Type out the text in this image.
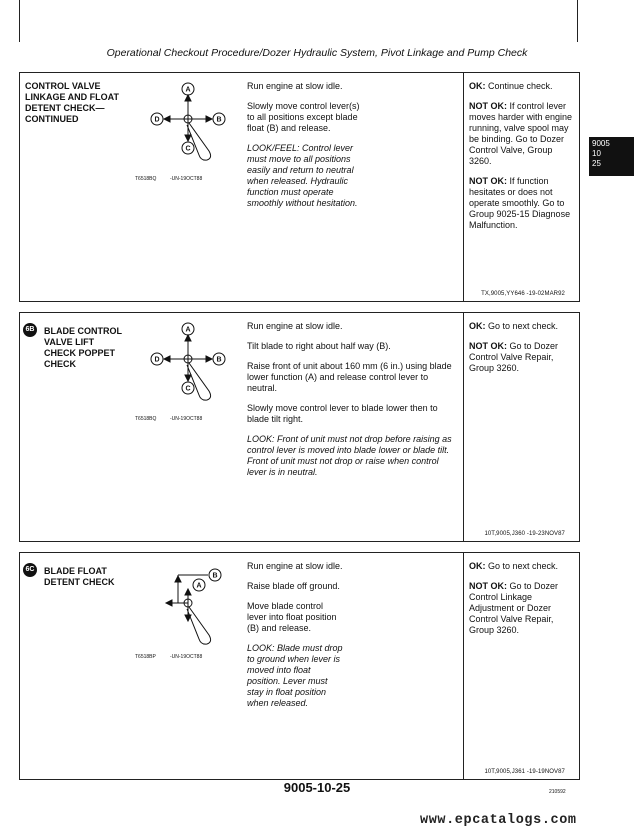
Operational Checkout Procedure/Dozer Hydraulic System, Pivot Linkage and Pump Check
9005
10
25
CONTROL VALVE LINKAGE AND FLOAT DETENT CHECK—CONTINUED
A
D	B
C
T6518BQ	-UN-19OCT88

Run engine at slow idle.

Slowly move control lever(s) to all positions except blade float (B) and release.

LOOK/FEEL: Control lever must move to all positions easily and return to neutral when released. Hydraulic function must operate smoothly without hesitation.

OK: Continue check.

NOT OK: If control lever moves harder with engine running, valve spool may be binding. Go to Dozer Control Valve, Group 3260.

NOT OK: If function hesitates or does not operate smoothly. Go to Group 9025-15 Diagnose Malfunction.

TX,9005,YY646 -19-02MAR92
6B BLADE CONTROL VALVE LIFT CHECK POPPET CHECK
A
D	B
C
T6518BQ	-UN-19OCT88

Run engine at slow idle.

Tilt blade to right about half way (B).

Raise front of unit about 160 mm (6 in.) using blade lower function (A) and release control lever to neutral.

Slowly move control lever to blade lower then to blade tilt right.

LOOK: Front of unit must not drop before raising as control lever is moved into blade lower or blade tilt. Front of unit must not drop or raise when control lever is in neutral.

OK: Go to next check.

NOT OK: Go to Dozer Control Valve Repair, Group 3260.

10T,9005,J360 -19-23NOV87
6C BLADE FLOAT DETENT CHECK
B
A
T6518BP	-UN-19OCT88

Run engine at slow idle.

Raise blade off ground.

Move blade control lever into float position (B) and release.

LOOK: Blade must drop to ground when lever is moved into float position. Lever must stay in float position when released.

OK: Go to next check.

NOT OK: Go to Dozer Control Linkage Adjustment or Dozer Control Valve Repair, Group 3260.

10T,9005,J361 -19-19NOV87
9005-10-25	210592
www.epcatalogs.com
